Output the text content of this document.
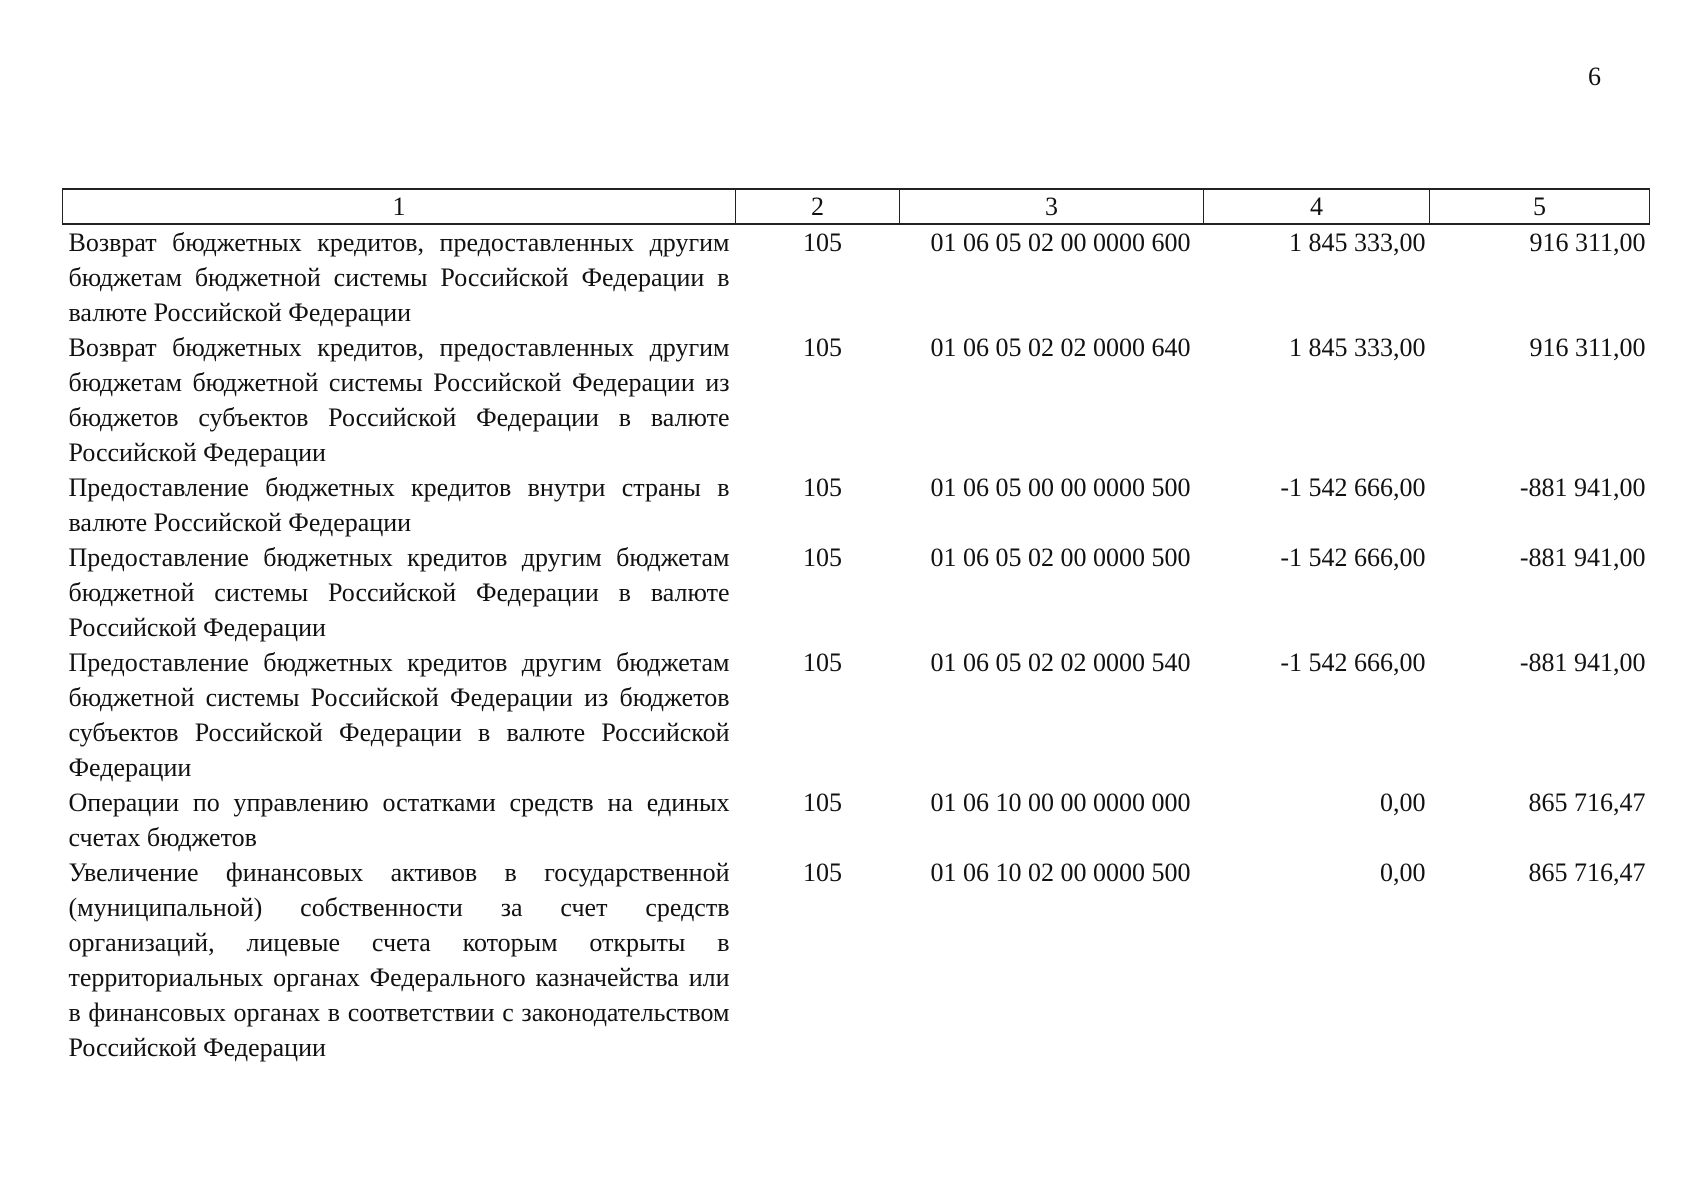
6
1	2	3	4	5
Возврат бюджетных кредитов, предоставленных другим бюджетам бюджетной системы Российской Федерации в валюте Российской Федерации	105	01 06 05 02 00 0000 600	1 845 333,00	916 311,00
Возврат бюджетных кредитов, предоставленных другим бюджетам бюджетной системы Российской Федерации из бюджетов субъектов Российской Федерации в валюте Российской Федерации	105	01 06 05 02 02 0000 640	1 845 333,00	916 311,00
Предоставление бюджетных кредитов внутри страны в валюте Российской Федерации	105	01 06 05 00 00 0000 500	-1 542 666,00	-881 941,00
Предоставление бюджетных кредитов другим бюджетам бюджетной системы Российской Федерации в валюте Российской Федерации	105	01 06 05 02 00 0000 500	-1 542 666,00	-881 941,00
Предоставление бюджетных кредитов другим бюджетам бюджетной системы Российской Федерации из бюджетов субъектов Российской Федерации в валюте Российской Федерации	105	01 06 05 02 02 0000 540	-1 542 666,00	-881 941,00
Операции по управлению остатками средств на единых счетах бюджетов	105	01 06 10 00 00 0000 000	0,00	865 716,47
Увеличение финансовых активов в государственной (муниципальной) собственности за счет средств организаций, лицевые счета которым открыты в территориальных органах Федерального казначейства или в финансовых органах в соответствии с законодательством Российской Федерации	105	01 06 10 02 00 0000 500	0,00	865 716,47
